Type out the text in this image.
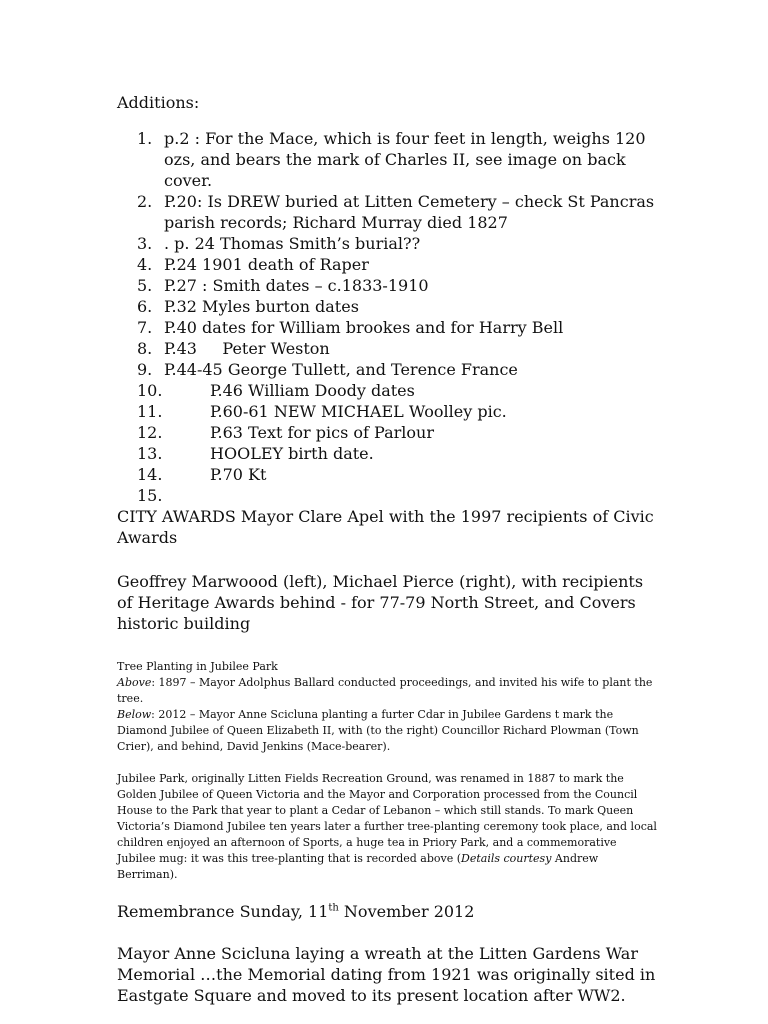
Additions:

1. p.2 : For the Mace, which is four feet in length, weighs 120 ozs, and bears the mark of Charles II, see image on back cover.
2. P.20: Is DREW buried at Litten Cemetery – check St Pancras parish records; Richard Murray died 1827
3. . p. 24 Thomas Smith’s burial??
4. P.24 1901 death of Raper
5. P.27 : Smith dates – c.1833-1910
6. P.32 Myles burton dates
7. P.40 dates for William brookes and for Harry Bell
8. P.43     Peter Weston
9. P.44-45 George Tullett, and Terence France
10.	P.46 William Doody dates
11.	P.60-61 NEW MICHAEL Woolley pic.
12.	P.63 Text for pics of Parlour
13.	HOOLEY birth date.
14.	P.70 Kt
15.

CITY AWARDS Mayor Clare Apel with the 1997 recipients of Civic Awards

Geoffrey Marwoood (left), Michael Pierce (right), with recipients of Heritage Awards behind - for 77-79 North Street, and Covers historic building

Tree Planting in Jubilee Park

Above: 1897 – Mayor Adolphus Ballard conducted proceedings, and invited his wife to plant the tree.

Below: 2012 – Mayor Anne Scicluna planting a furter Cdar in Jubilee Gardens t mark the Diamond Jubilee of Queen Elizabeth II, with (to the right) Councillor Richard Plowman (Town Crier), and behind, David Jenkins (Mace-bearer).

Jubilee Park, originally Litten Fields Recreation Ground, was renamed in 1887 to mark the Golden Jubilee of Queen Victoria and the Mayor and Corporation processed from the Council House to the Park that year to plant a Cedar of Lebanon – which still stands. To mark Queen Victoria’s Diamond Jubilee ten years later a further tree-planting ceremony took place, and local children enjoyed an afternoon of Sports, a huge tea in Priory Park, and a commemorative Jubilee mug: it was this tree-planting that is recorded above (Details courtesy Andrew Berriman).

Remembrance Sunday, 11th November 2012

Mayor Anne Scicluna laying a wreath at the Litten Gardens War Memorial …the Memorial dating from 1921 was originally sited in Eastgate Square and moved to its present location after WW2.
